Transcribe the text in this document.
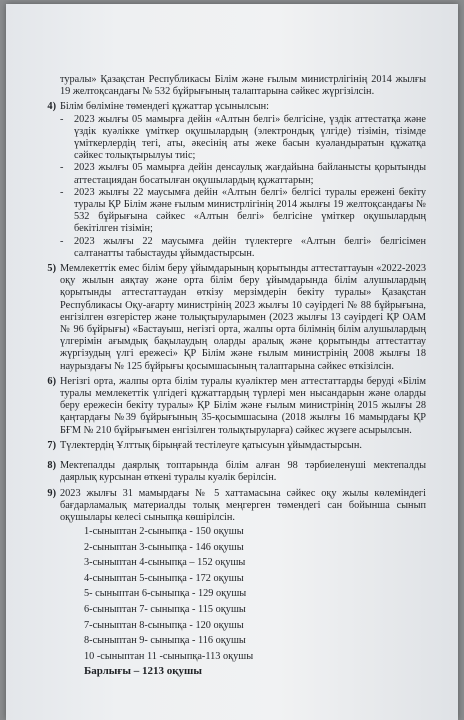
туралы» Қазақстан Республикасы Білім және ғылым министрлігінің 2014 жылғы 19 желтоқсандағы № 532 бұйрығының талаптарына сәйкес жүргізілсін.

4) Білім бөліміне төмендегі құжаттар ұсынылсын:
-	2023 жылғы 05 мамырға дейін «Алтын белгі» белгісіне, үздік аттестатқа және үздік куәлікке үміткер оқушылардың (электрондық үлгіде) тізімін, тізімде үміткерлердің тегі, аты, әкесінің аты жеке басын куәландыратын құжатқа сәйкес толықтырылуы тиіс;
-	2023 жылғы 05 мамырға дейін денсаулық жағдайына байланысты қорытынды аттестациядан босатылған оқушылардың құжаттарын;
-	2023 жылғы 22 маусымға дейін «Алтын белгі» белгісі туралы ережені бекіту туралы ҚР Білім және ғылым министрлігінің 2014 жылғы 19 желтоқсандағы № 532 бұйрығына сәйкес «Алтын белгі» белгісіне үміткер оқушылардың бекітілген тізімін;
-	2023 жылғы 22 маусымға дейін түлектерге «Алтын белгі» белгісімен салтанатты табыстауды ұйымдастырсын.
5) Мемлекеттік емес білім беру ұйымдарының қорытынды аттестаттауын «2022-2023 оқу жылын аяқтау және орта білім беру ұйымдарында білім алушылардың қорытынды аттестаттаудан өткізу мерзімдерін бекіту туралы» Қазақстан Республикасы Оқу-ағарту министрінің 2023 жылғы 10 сәуірдегі № 88 бұйрығына, енгізілген өзгерістер және толықтыруларымен (2023 жылғы 13 сәуірдегі ҚР ОАМ № 96 бұйрығы) «Бастауыш, негізгі орта, жалпы орта білімнің білім алушылардың үлгерімін ағымдық бақылаудың оларды аралық және қорытынды аттестаттау жүргізудың үлгі ережесі» ҚР Білім және ғылым министрінің 2008 жылғы 18 наурыздағы № 125 бұйрығы қосымшасының талаптарына сәйкес өткізілсін.
6) Негізгі орта, жалпы орта білім туралы куәліктер мен аттестаттарды беруді «Білім туралы мемлекеттік үлгідегі құжаттардың түрлері мен нысандарын және оларды беру ережесін бекіту туралы» ҚР Білім және ғылым министрінің 2015 жылғы 28 қаңтардағы №39 бұйрығының 35-қосымшасына (2018 жылғы 16 мамырдағы ҚР БҒМ № 210 бұйрығымен енгізілген толықтыруларға) сәйкес жүзеге асырылсын.
7) Түлектердің Ұлттық бірыңғай тестілеуге қатысуын ұйымдастырсын.
8) Мектепалды даярлық топтарында білім алған 98 тәрбиеленуші мектепалды даярлық курсынан өткені туралы куәлік берілсін.
9) 2023 жылғы 31 мамырдағы № 5 хаттамасына сәйкес оқу жылы көлеміндегі бағдарламалық материалды толық меңгерген төмендегі сан бойынша сынып оқушылары келесі сыныпқа көшірілсін.
1-сыныптан 2-сыныпқа - 150 оқушы
2-сыныптан 3-сыныпқа - 146 оқушы
3-сыныптан 4-сыныпқа – 152 оқушы
4-сыныптан 5-сыныпқа - 172 оқушы
5- сыныптан 6-сыныпқа - 129 оқушы
6-сыныптан 7- сыныпқа - 115 оқушы
7-сыныптан 8-сыныпқа - 120 оқушы
8-сыныптан 9- сыныпқа - 116 оқушы
10 -сыныптан 11 -сыныпқа-113 оқушы
Барлығы – 1213 оқушы
